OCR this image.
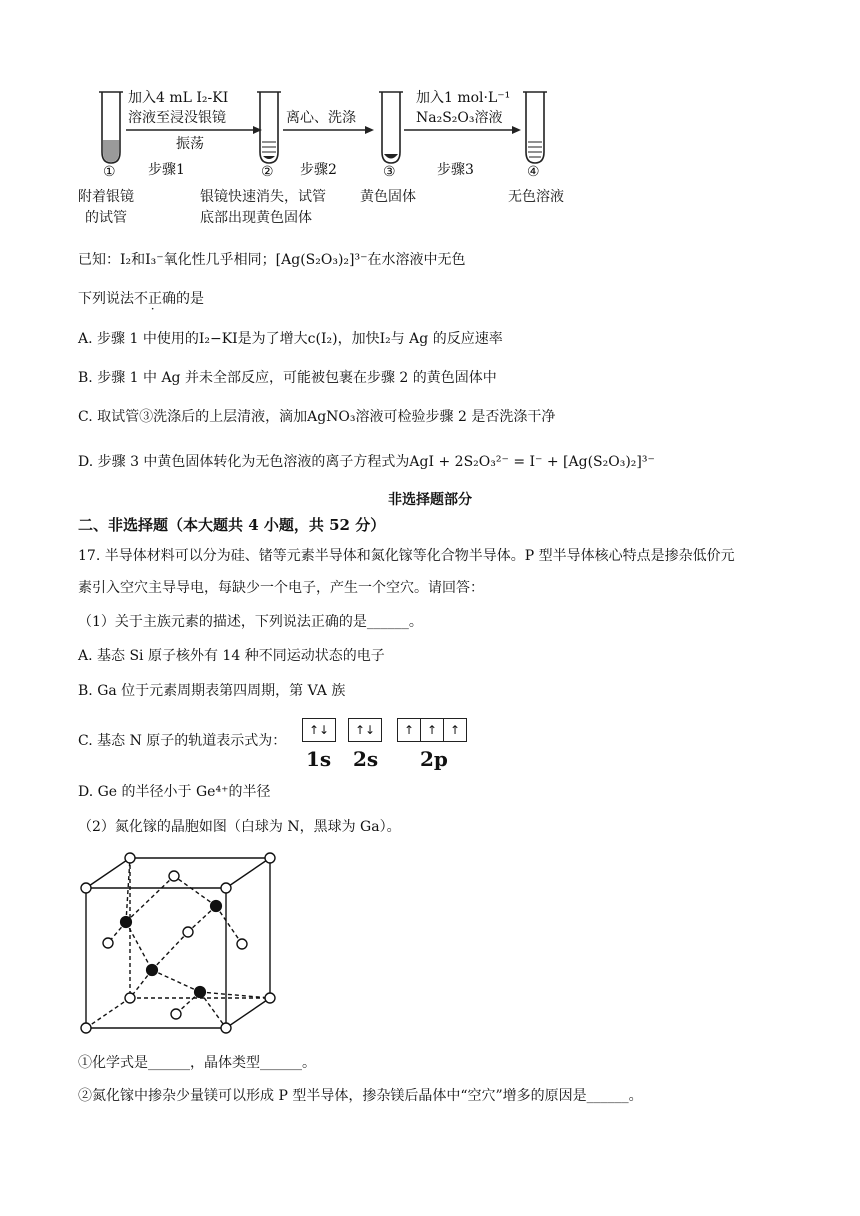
加入4 mL I₂-KI
溶液至浸没银镜
振荡
步骤1
离心、洗涤
步骤2
加入1 mol·L⁻¹
Na₂S₂O₃溶液
步骤3
①	②	③	④
附着银镜
的试管
银镜快速消失，试管
底部出现黄色固体
黄色固体	无色溶液
已知：I₂和I₃⁻氧化性几乎相同；[Ag(S₂O₃)₂]³⁻在水溶液中无色
下列说法不正确的是
A. 步骤 1 中使用的I₂−KI是为了增大c(I₂)，加快I₂与 Ag 的反应速率
B. 步骤 1 中 Ag 并未全部反应，可能被包裹在步骤 2 的黄色固体中
C. 取试管③洗涤后的上层清液，滴加AgNO₃溶液可检验步骤 2 是否洗涤干净
D. 步骤 3 中黄色固体转化为无色溶液的离子方程式为AgI + 2S₂O₃²⁻ = I⁻ + [Ag(S₂O₃)₂]³⁻
非选择题部分
二、非选择题（本大题共 4 小题，共 52 分）
17. 半导体材料可以分为硅、锗等元素半导体和氮化镓等化合物半导体。P 型半导体核心特点是掺杂低价元
素引入空穴主导导电，每缺少一个电子，产生一个空穴。请回答：
（1）关于主族元素的描述，下列说法正确的是______。
A. 基态 Si 原子核外有 14 种不同运动状态的电子
B. Ga 位于元素周期表第四周期，第 VA 族
C. 基态 N 原子的轨道表示式为：
↑↓	↑↓	↑	↑	↑
1s 2s 2p
D. Ge 的半径小于 Ge⁴⁺的半径
（2）氮化镓的晶胞如图（白球为 N，黑球为 Ga）。
①化学式是______，晶体类型______。
②氮化镓中掺杂少量镁可以形成 P 型半导体，掺杂镁后晶体中“空穴”增多的原因是______。
